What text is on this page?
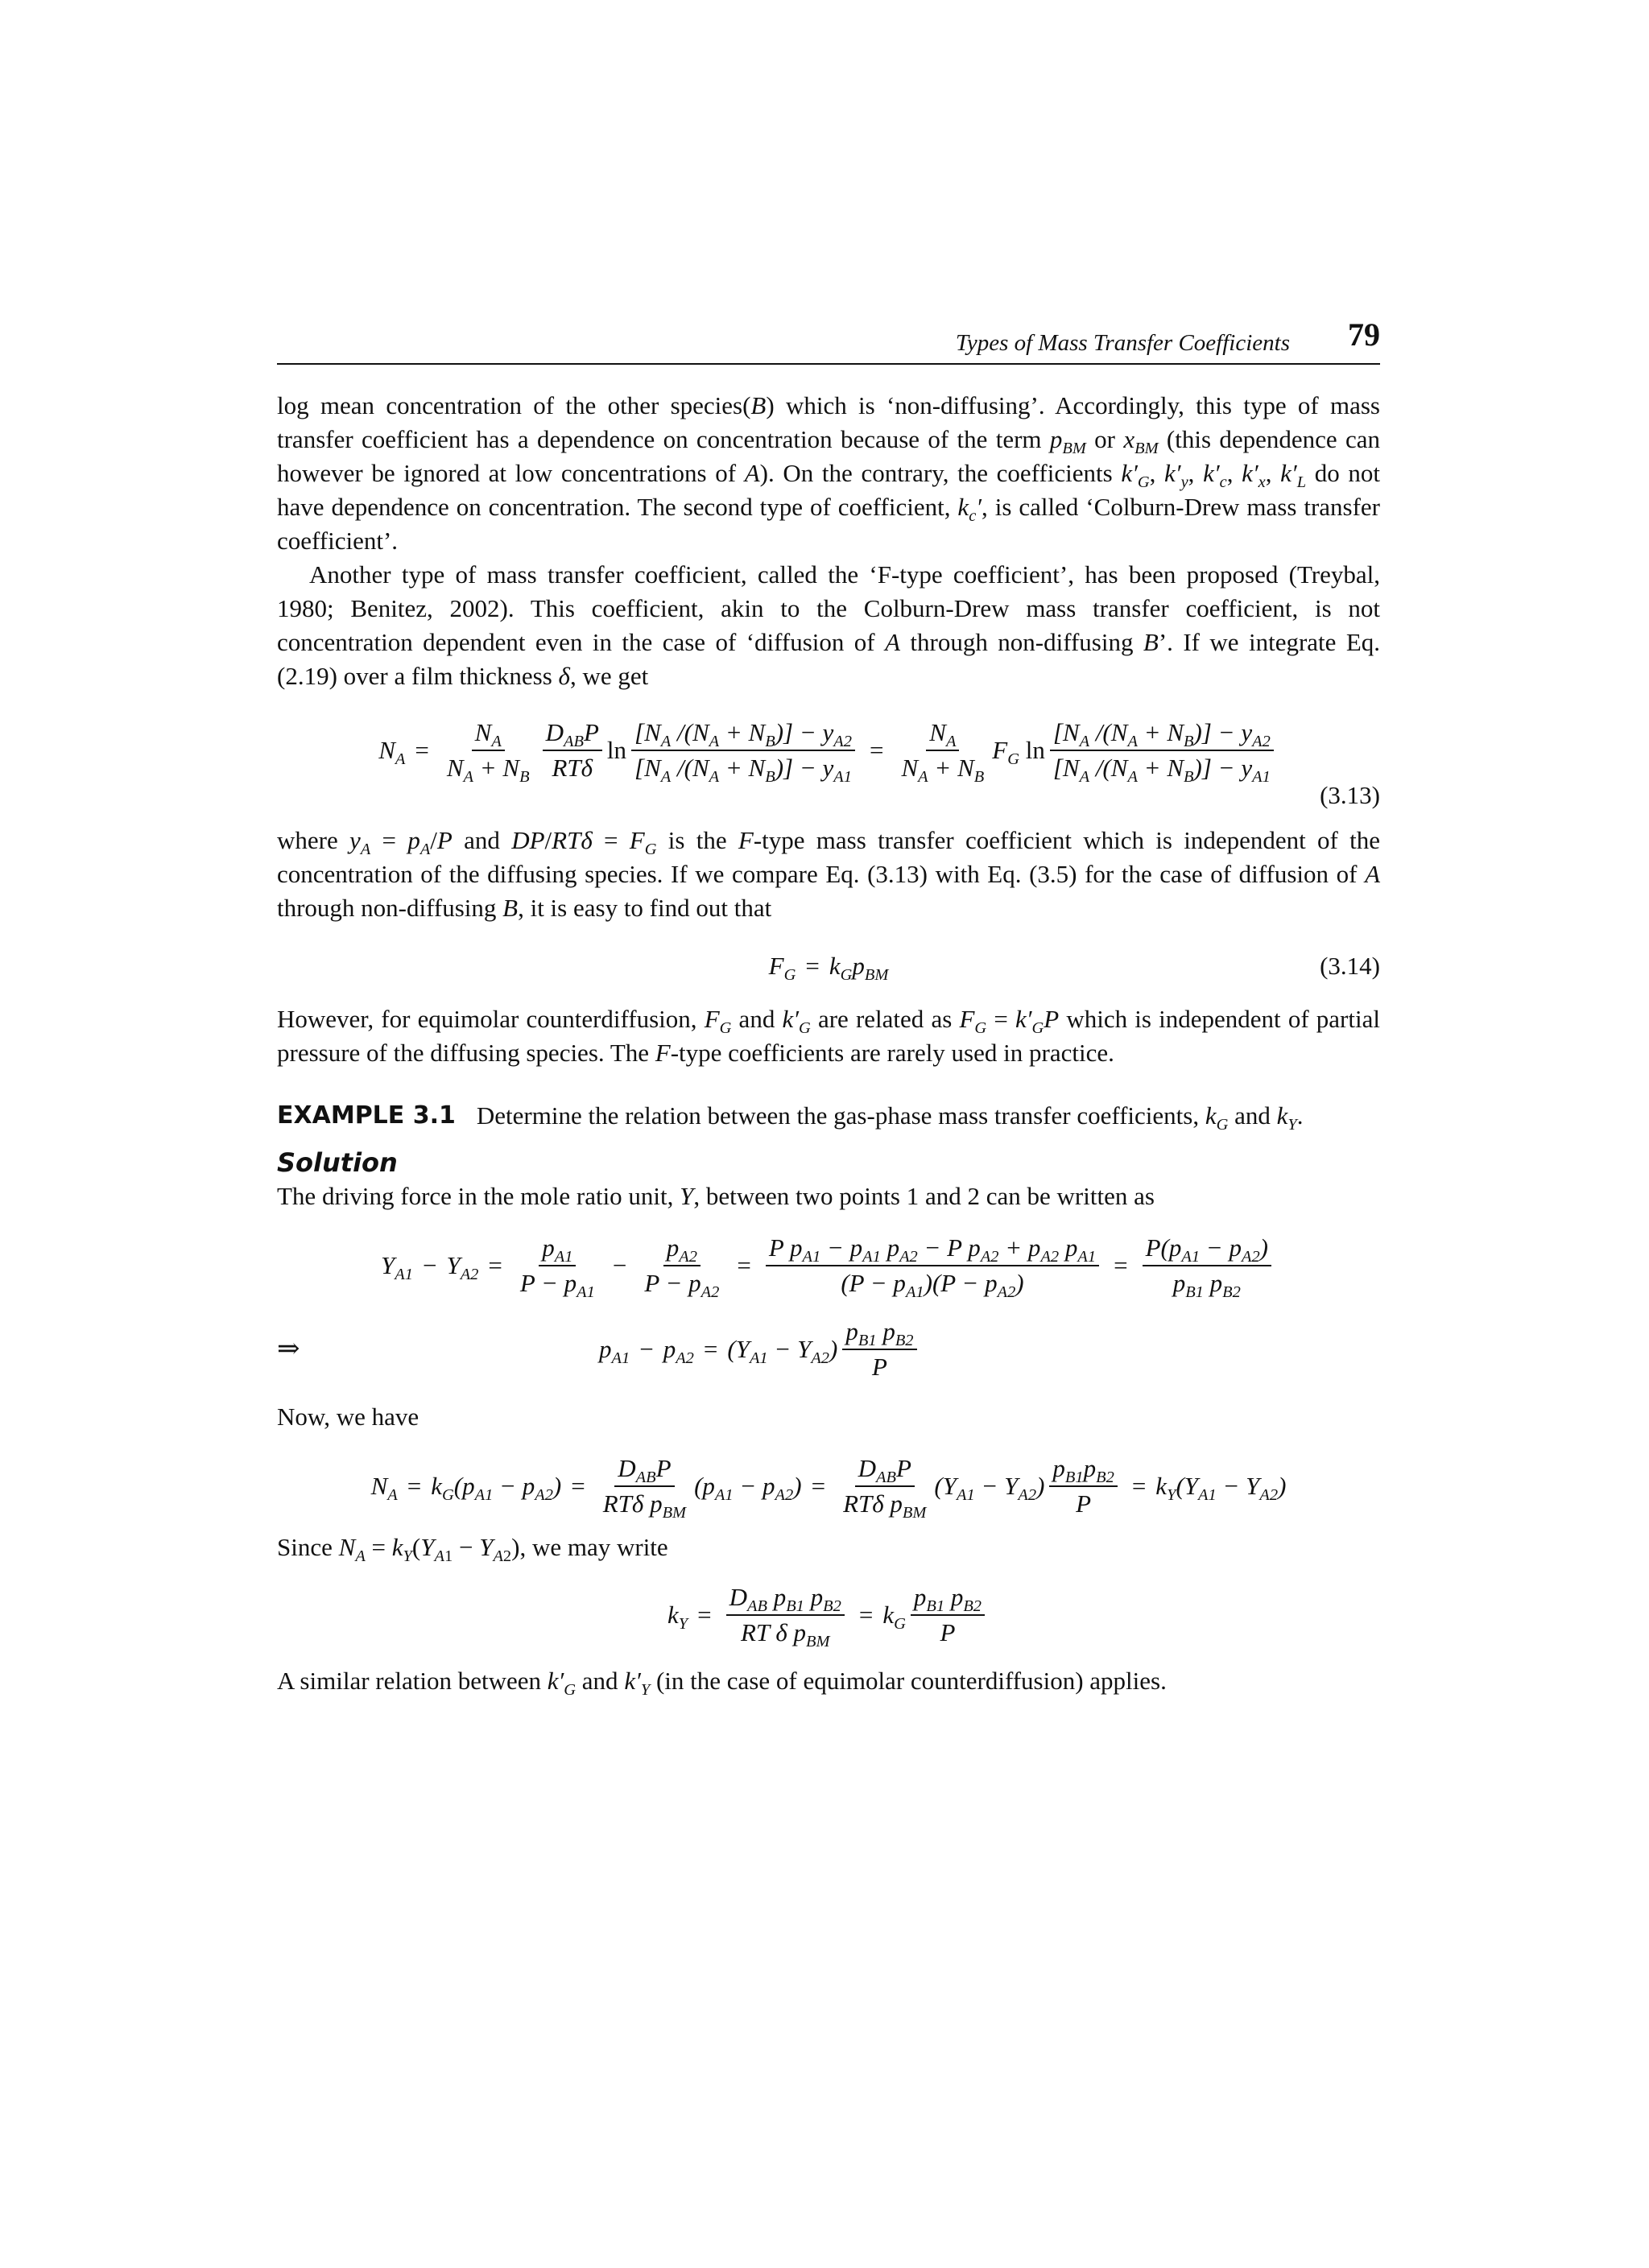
Types of Mass Transfer Coefficients 79

log mean concentration of the other species(B) which is ‘non-diffusing’. Accordingly, this type of mass transfer coefficient has a dependence on concentration because of the term $p_{BM}$ or $x_{BM}$ (this dependence can however be ignored at low concentrations of A). On the contrary, the coefficients $k'_G$, $k'_y$, $k'_c$, $k'_x$, $k'_L$ do not have dependence on concentration. The second type of coefficient, $k_c'$, is called ‘Colburn-Drew mass transfer coefficient’.

Another type of mass transfer coefficient, called the ‘F-type coefficient’, has been proposed (Treybal, 1980; Benitez, 2002). This coefficient, akin to the Colburn-Drew mass transfer coefficient, is not concentration dependent even in the case of ‘diffusion of A through non-diffusing B’. If we integrate Eq. (2.19) over a film thickness δ, we get

$N_A = \frac{N_A}{N_A + N_B} \frac{D_{AB}P}{\text{RTδ}}$ $\ln \frac{[N_A /(N_A + N_B)] - y_{A2}}{[N_A /(N_A + N_B)] - y_{A1}} = \frac{N_A}{N_A + N_B} F_G$
$\ln \frac{[N_A /(N_A + N_B)] - y_{A2}}{[N_A /(N_A + N_B)] - y_{A1}}$
(3.13)

where $y_A = p_A/P$ and $DP/RT\delta = F_G$ is the F-type mass transfer coefficient which is independent of the concentration of the diffusing species. If we compare Eq. (3.13) with Eq. (3.5) for the case of diffusion of A through non-diffusing B, it is easy to find out that

$F_G = k_Gp_{BM}$	(3.14)

However, for equimolar counterdiffusion, $F_G$ and $k'_G$ are related as $F_G = k'_GP$ which is independent of partial pressure of the diffusing species. The F-type coefficients are rarely used in practice.

EXAMPLE 3.1 Determine the relation between the gas-phase mass transfer coefficients, $k_G$ and $k_Y$.
Solution

The driving force in the mole ratio unit, Y, between two points 1 and 2 can be written as

$Y_{A1} - Y_{A2} = \frac{p_{A1}}{P - p_{A1}} - \frac{p_{A2}}{P - p_{A2}} = \frac{P p_{A1} - p_{A1} p_{A2} - P p_{A2} + p_{A2} p_{A1}}{(P - p_{A1})(P - p_{A2})} = \frac{P(p_{A1} - p_{A2})}{p_{B1} p_{B2}}$
⇒	$p_{A1} - p_{A2} = (Y_{A1} - Y_{A2}) \frac{p_{B1} p_{B2}}{P}$

Now, we have

$N_A = k_G(p_{A1} - p_{A2}) = \frac{D_{AB}P}{RT\delta p_{BM}} (p_{A1} - p_{A2}) = \frac{D_{AB}P}{RT\delta p_{BM}} (Y_{A1} - Y_{A2}) \frac{p_{B1}p_{B2}}{P} = k_Y(Y_{A1} - Y_{A2})$

Since $N_A = k_Y(Y_{A1} - Y_{A2})$, we may write

$k_Y = \frac{D_{AB} p_{B1} p_{B2}}{RT \delta p_{BM}} = k_G \frac{p_{B1} p_{B2}}{P}$

A similar relation between $k'_G$ and $k'_Y$ (in the case of equimolar counterdiffusion) applies.
